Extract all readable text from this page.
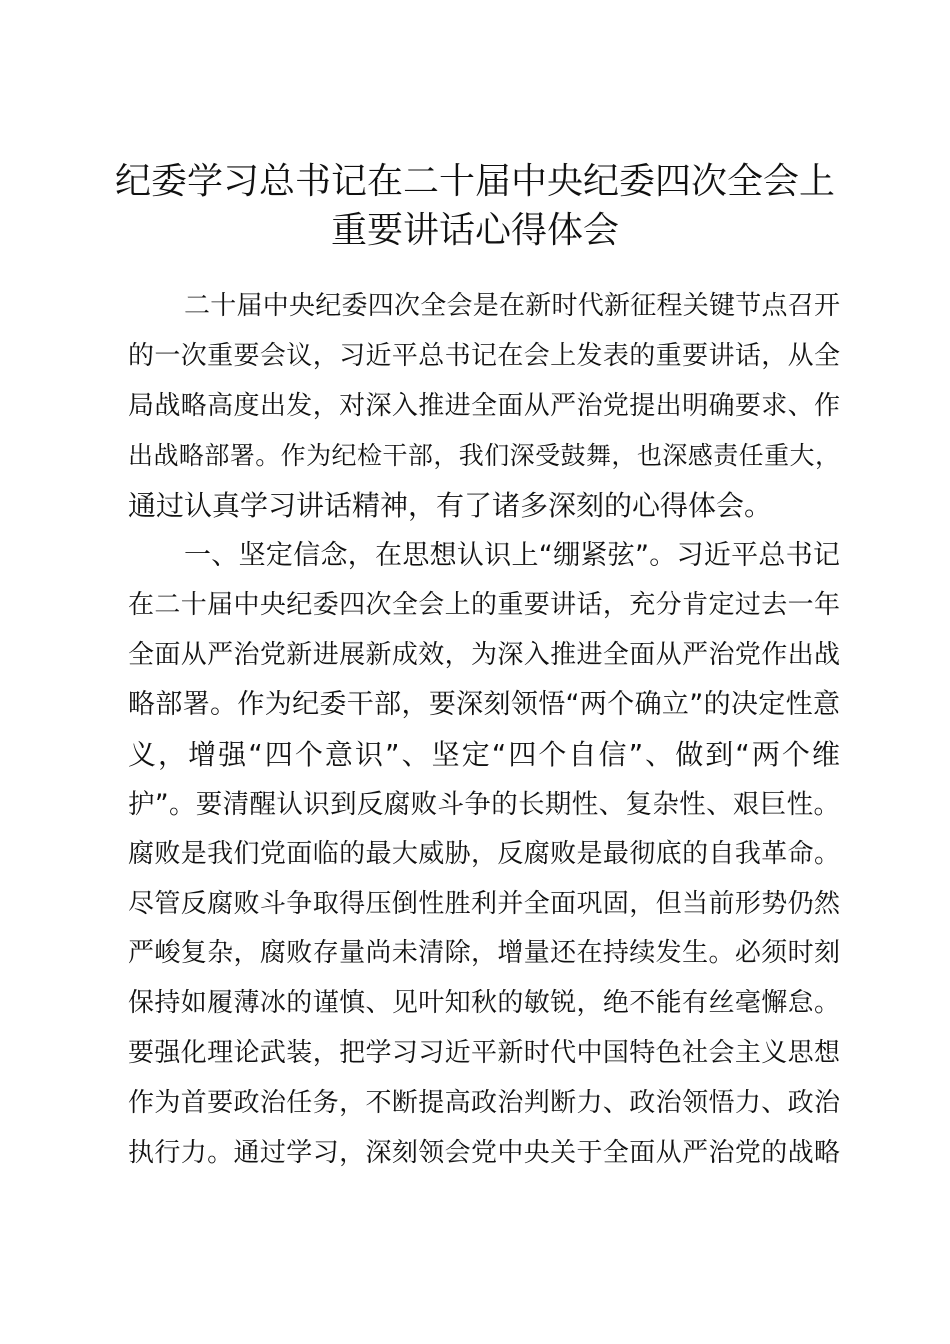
纪委学习总书记在二十届中央纪委四次全会上
重要讲话心得体会
二十届中央纪委四次全会是在新时代新征程关键节点召开
的一次重要会议，习近平总书记在会上发表的重要讲话，从全
局战略高度出发，对深入推进全面从严治党提出明确要求、作
出战略部署。作为纪检干部，我们深受鼓舞，也深感责任重大，
通过认真学习讲话精神，有了诸多深刻的心得体会。
一、坚定信念，在思想认识上“绷紧弦”。习近平总书记
在二十届中央纪委四次全会上的重要讲话，充分肯定过去一年
全面从严治党新进展新成效，为深入推进全面从严治党作出战
略部署。作为纪委干部，要深刻领悟“两个确立”的决定性意
义，增强“四个意识”、坚定“四个自信”、做到“两个维
护”。要清醒认识到反腐败斗争的长期性、复杂性、艰巨性。
腐败是我们党面临的最大威胁，反腐败是最彻底的自我革命。
尽管反腐败斗争取得压倒性胜利并全面巩固，但当前形势仍然
严峻复杂，腐败存量尚未清除，增量还在持续发生。必须时刻
保持如履薄冰的谨慎、见叶知秋的敏锐，绝不能有丝毫懈怠。
要强化理论武装，把学习习近平新时代中国特色社会主义思想
作为首要政治任务，不断提高政治判断力、政治领悟力、政治
执行力。通过学习，深刻领会党中央关于全面从严治党的战略
